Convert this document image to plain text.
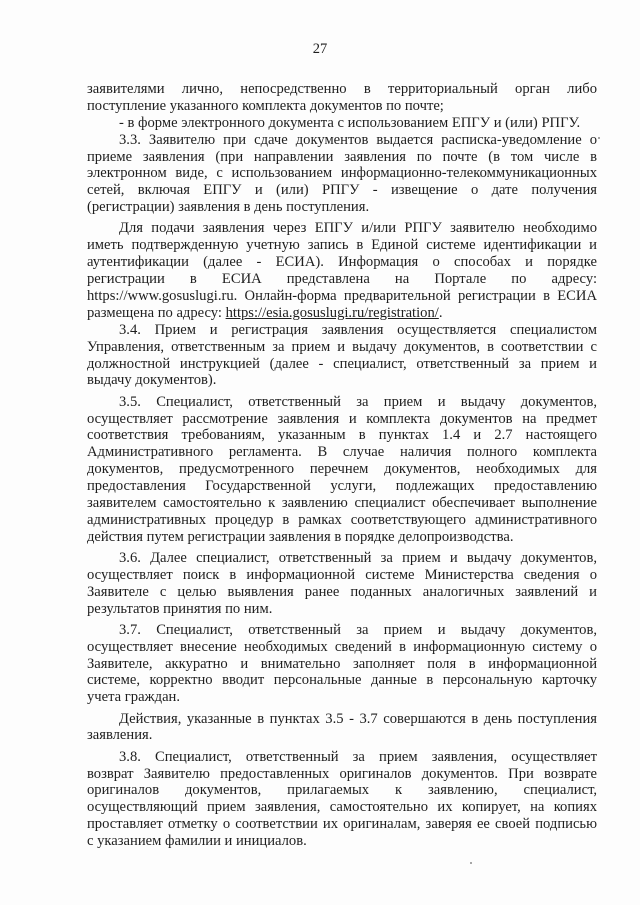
27
заявителями лично, непосредственно в территориальный орган либо
поступление указанного комплекта документов по почте;
- в форме электронного документа с использованием ЕПГУ и (или) РПГУ.
3.3. Заявителю при сдаче документов выдается расписка-уведомление о
приеме заявления (при направлении заявления по почте (в том числе в
электронном виде, с использованием информационно-телекоммуникационных
сетей, включая ЕПГУ и (или) РПГУ - извещение о дате получения
(регистрации) заявления в день поступления.
Для подачи заявления через ЕПГУ и/или РПГУ заявителю необходимо
иметь подтвержденную учетную запись в Единой системе идентификации и
аутентификации (далее - ЕСИА). Информация о способах и порядке
регистрации в ЕСИА представлена на Портале по адресу:
https://www.gosuslugi.ru. Онлайн-форма предварительной регистрации в ЕСИА
размещена по адресу: https://esia.gosuslugi.ru/registration/.
3.4. Прием и регистрация заявления осуществляется специалистом
Управления, ответственным за прием и выдачу документов, в соответствии с
должностной инструкцией (далее - специалист, ответственный за прием и
выдачу документов).
3.5. Специалист, ответственный за прием и выдачу документов,
осуществляет рассмотрение заявления и комплекта документов на предмет
соответствия требованиям, указанным в пунктах 1.4 и 2.7 настоящего
Административного регламента. В случае наличия полного комплекта
документов, предусмотренного перечнем документов, необходимых для
предоставления Государственной услуги, подлежащих предоставлению
заявителем самостоятельно к заявлению специалист обеспечивает выполнение
административных процедур в рамках соответствующего административного
действия путем регистрации заявления в порядке делопроизводства.
3.6. Далее специалист, ответственный за прием и выдачу документов,
осуществляет поиск в информационной системе Министерства сведения о
Заявителе с целью выявления ранее поданных аналогичных заявлений и
результатов принятия по ним.
3.7. Специалист, ответственный за прием и выдачу документов,
осуществляет внесение необходимых сведений в информационную систему о
Заявителе, аккуратно и внимательно заполняет поля в информационной
системе, корректно вводит персональные данные в персональную карточку
учета граждан.
Действия, указанные в пунктах 3.5 - 3.7 совершаются в день поступления
заявления.
3.8. Специалист, ответственный за прием заявления, осуществляет
возврат Заявителю предоставленных оригиналов документов. При возврате
оригиналов документов, прилагаемых к заявлению, специалист,
осуществляющий прием заявления, самостоятельно их копирует, на копиях
проставляет отметку о соответствии их оригиналам, заверяя ее своей подписью
с указанием фамилии и инициалов.
